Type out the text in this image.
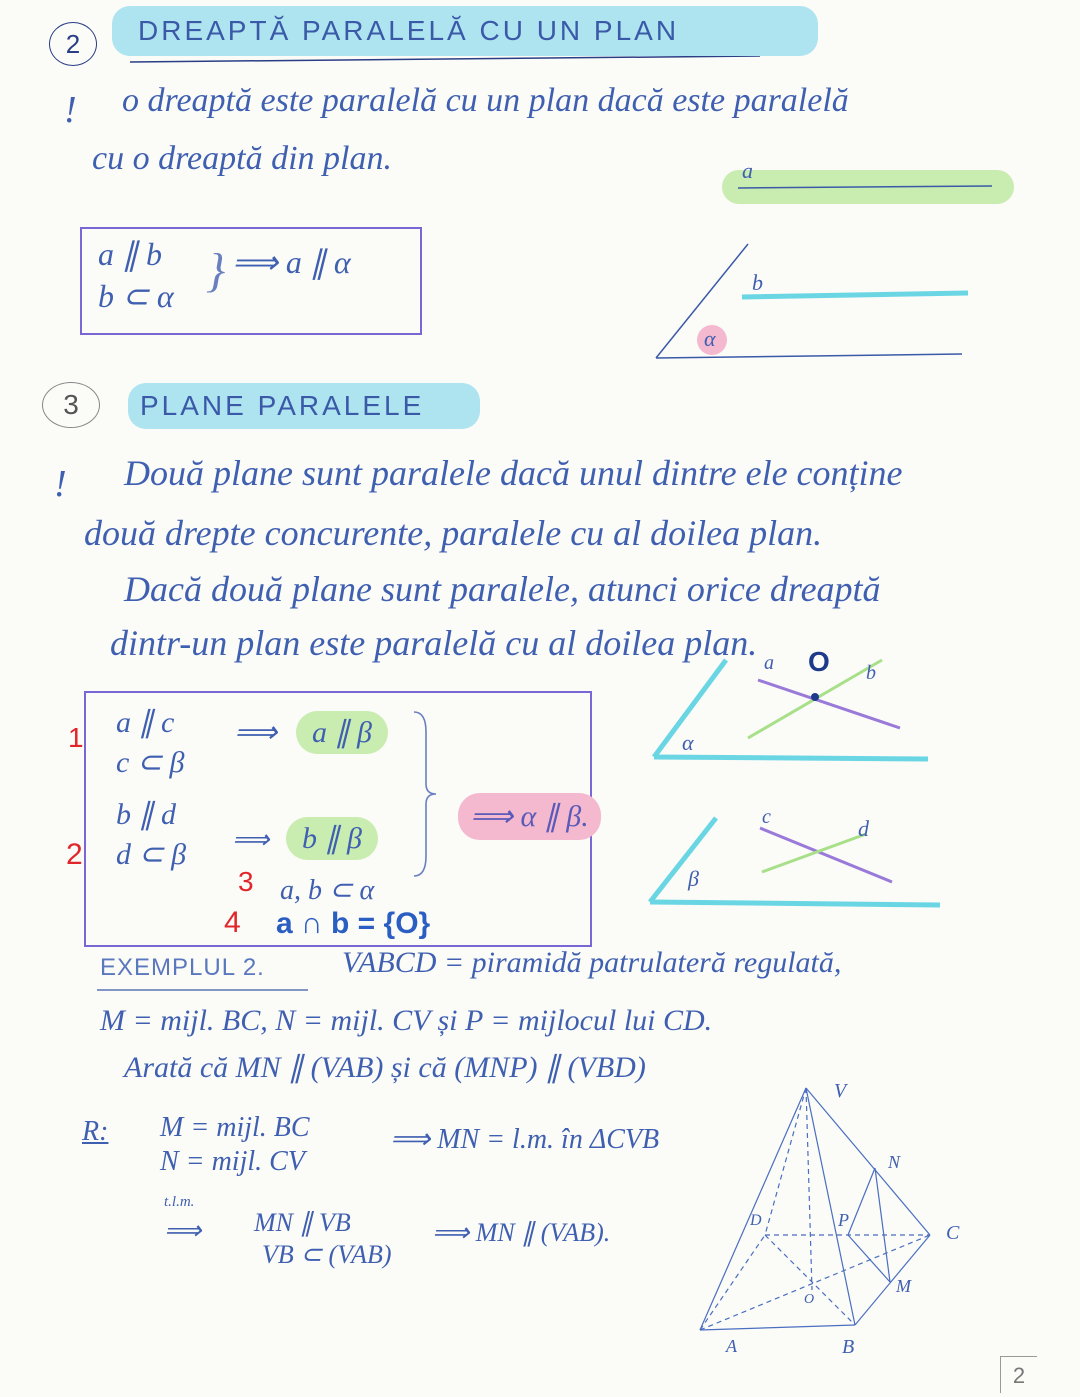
2	DREAPTĂ PARALELĂ CU UN PLAN
! o dreaptă este paralelă cu un plan dacă este paralelă
cu o dreaptă din plan.
a ∥ b
b ⊂ α } ⟹ a ∥ α
a
b
α
3	PLANE PARALELE
! Două plane sunt paralele dacă unul dintre ele conține
două drepte concurente, paralele cu al doilea plan.
Dacă două plane sunt paralele, atunci orice dreaptă
dintr-un plan este paralelă cu al doilea plan.
a ∥ c
c ⊂ β
⟹	a ∥ β
b ∥ d
d ⊂ β ⟹	b ∥ β
a, b ⊂ α
a ∩ b = {O}
⟹ α ∥ β.
1
2
3
4
a O b
α
c	d
β
EXEMPLUL 2.	VABCD = piramidă patrulateră regulată,
M = mijl. BC, N = mijl. CV și P = mijlocul lui CD.
Arată că MN ∥ (VAB) și că (MNP) ∥ (VBD)
R: M = mijl. BC
N = mijl. CV
⟹ MN = l.m. în ΔCVB
t.l.m.
⟹ MN ∥ VB
VB ⊂ (VAB)
⟹ MN ∥ (VAB).
V
N
P
C
M
O
A	B
D
2
